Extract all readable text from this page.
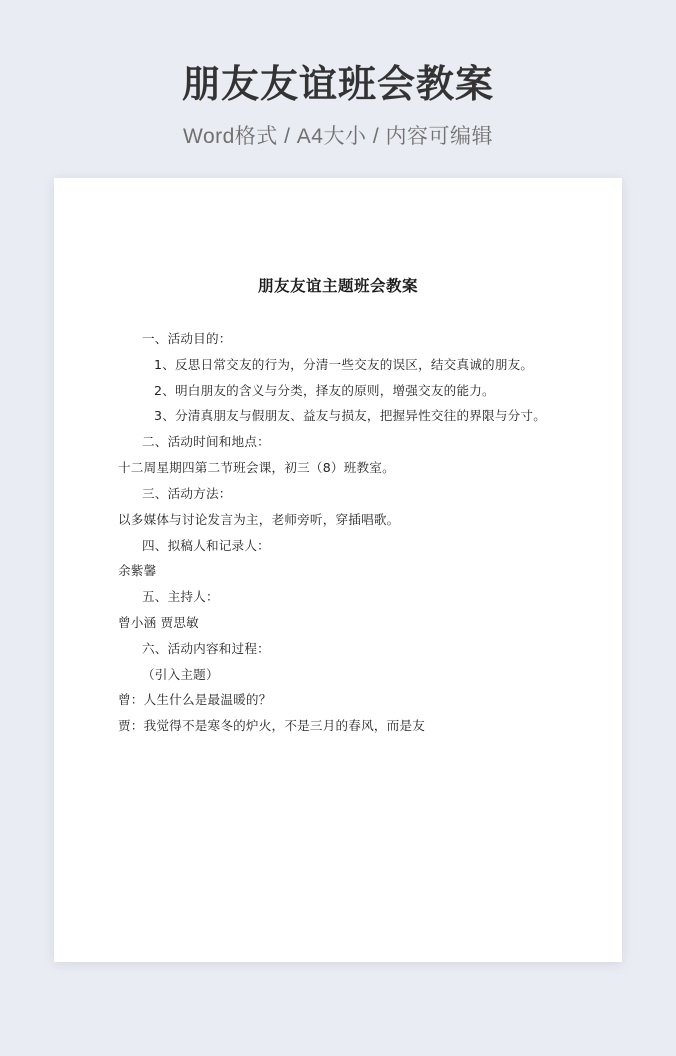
朋友友谊班会教案
Word格式 / A4大小 / 内容可编辑
朋友友谊主题班会教案

一、活动目的：

1、反思日常交友的行为，分清一些交友的误区，结交真诚的朋友。

2、明白朋友的含义与分类，择友的原则，增强交友的能力。

3、分清真朋友与假朋友、益友与损友，把握异性交往的界限与分寸。

二、活动时间和地点：

十二周星期四第二节班会课，初三（8）班教室。

三、活动方法：

以多媒体与讨论发言为主，老师旁听，穿插唱歌。

四、拟稿人和记录人：

余紫馨

五、主持人：

曾小涵 贾思敏

六、活动内容和过程：

（引入主题）

曾：人生什么是最温暖的？

贾：我觉得不是寒冬的炉火，不是三月的春风，而是友
